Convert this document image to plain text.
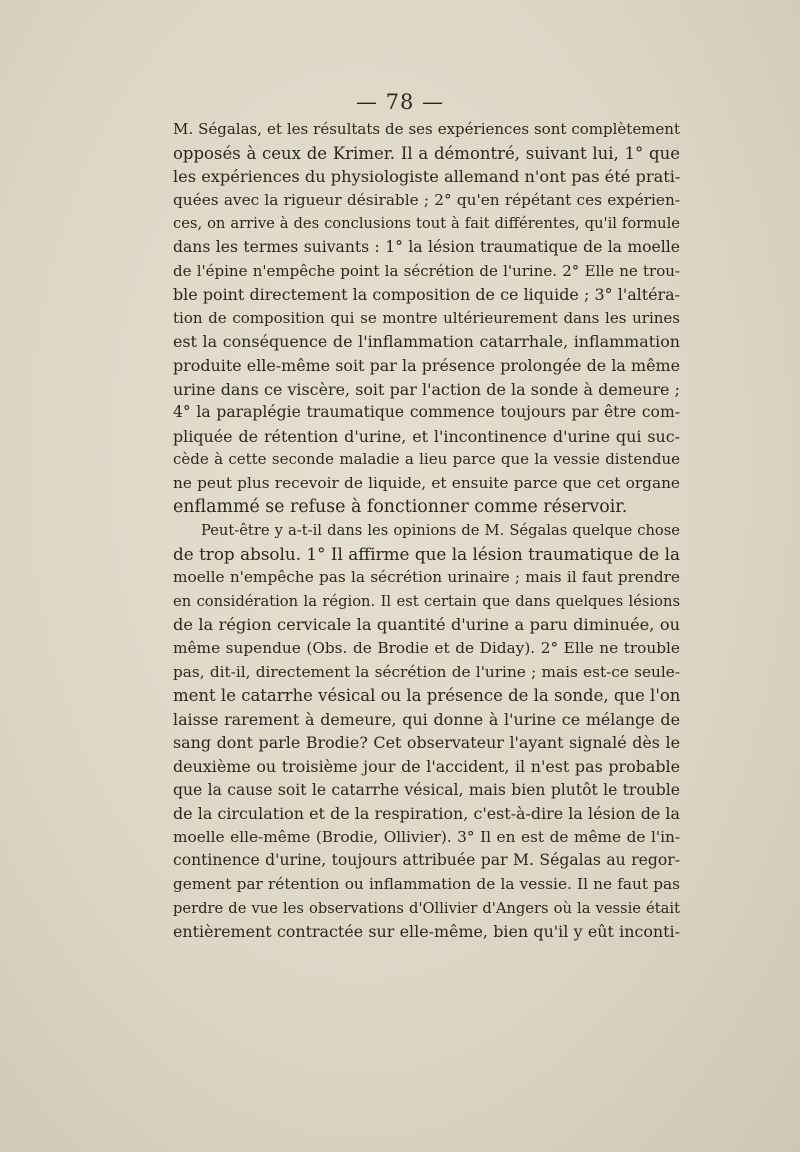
— 78 —
M. Ségalas, et les résultats de ses expériences sont complètement
opposés à ceux de Krimer. Il a démontré, suivant lui, 1° que
les expériences du physiologiste allemand n'ont pas été prati-
quées avec la rigueur désirable ; 2° qu'en répétant ces expérien-
ces, on arrive à des conclusions tout à fait différentes, qu'il formule
dans les termes suivants : 1° la lésion traumatique de la moelle
de l'épine n'empêche point la sécrétion de l'urine. 2° Elle ne trou-
ble point directement la composition de ce liquide ; 3° l'altéra-
tion de composition qui se montre ultérieurement dans les urines
est la conséquence de l'inflammation catarrhale, inflammation
produite elle-même soit par la présence prolongée de la même
urine dans ce viscère, soit par l'action de la sonde à demeure ;
4° la paraplégie traumatique commence toujours par être com-
pliquée de rétention d'urine, et l'incontinence d'urine qui suc-
cède à cette seconde maladie a lieu parce que la vessie distendue
ne peut plus recevoir de liquide, et ensuite parce que cet organe
enflammé se refuse à fonctionner comme réservoir.
Peut-être y a-t-il dans les opinions de M. Ségalas quelque chose
de trop absolu. 1° Il affirme que la lésion traumatique de la
moelle n'empêche pas la sécrétion urinaire ; mais il faut prendre
en considération la région. Il est certain que dans quelques lésions
de la région cervicale la quantité d'urine a paru diminuée, ou
même supendue (Obs. de Brodie et de Diday). 2° Elle ne trouble
pas, dit-il, directement la sécrétion de l'urine ; mais est-ce seule-
ment le catarrhe vésical ou la présence de la sonde, que l'on
laisse rarement à demeure, qui donne à l'urine ce mélange de
sang dont parle Brodie? Cet observateur l'ayant signalé dès le
deuxième ou troisième jour de l'accident, il n'est pas probable
que la cause soit le catarrhe vésical, mais bien plutôt le trouble
de la circulation et de la respiration, c'est-à-dire la lésion de la
moelle elle-même (Brodie, Ollivier). 3° Il en est de même de l'in-
continence d'urine, toujours attribuée par M. Ségalas au regor-
gement par rétention ou inflammation de la vessie. Il ne faut pas
perdre de vue les observations d'Ollivier d'Angers où la vessie était
entièrement contractée sur elle-même, bien qu'il y eût inconti-
